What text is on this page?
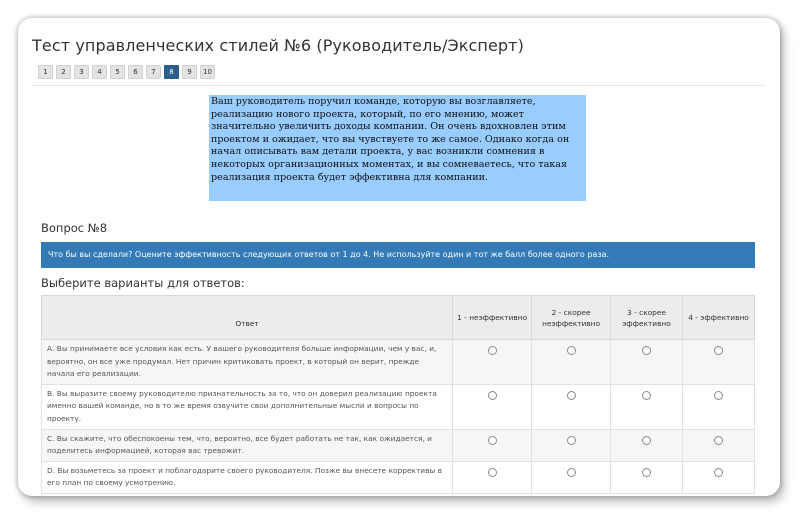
Тест управленческих стилей №6 (Руководитель/Эксперт)
1	2	3	4	5	6	7	8	9	10
Ваш руководитель поручил команде, которую вы возглавляете, реализацию нового проекта, который, по его мнению, может значительно увеличить доходы компании. Он очень вдохновлен этим проектом и ожидает, что вы чувствуете то же самое. Однако когда он начал описывать вам детали проекта, у вас возникли сомнения в некоторых организационных моментах, и вы сомневаетесь, что такая реализация проекта будет эффективна для компании.
Вопрос №8
Что бы вы сделали? Оцените эффективность следующих ответов от 1 до 4. Не используйте один и тот же балл более одного раза.
Выберите варианты для ответов:
Ответ	1 - неэффективно	2 - скорее неэффективно	3 - скорее эффективно	4 - эффективно
А. Вы принимаете все условия как есть. У вашего руководителя больше информации, чем у вас, и, вероятно, он все уже продумал. Нет причин критиковать проект, в который он верит, прежде начала его реализации.				
В. Вы выразите своему руководителю признательность за то, что он доверил реализацию проекта именно вашей команде, но в то же время озвучите свои дополнительные мысли и вопросы по проекту.				
С. Вы скажите, что обеспокоены тем, что, вероятно, все будет работать не так, как ожидается, и поделитесь информацией, которая вас тревожит.				
D. Вы возьметесь за проект и поблагодарите своего руководителя. Позже вы внесете коррективы в его план по своему усмотрению.				
